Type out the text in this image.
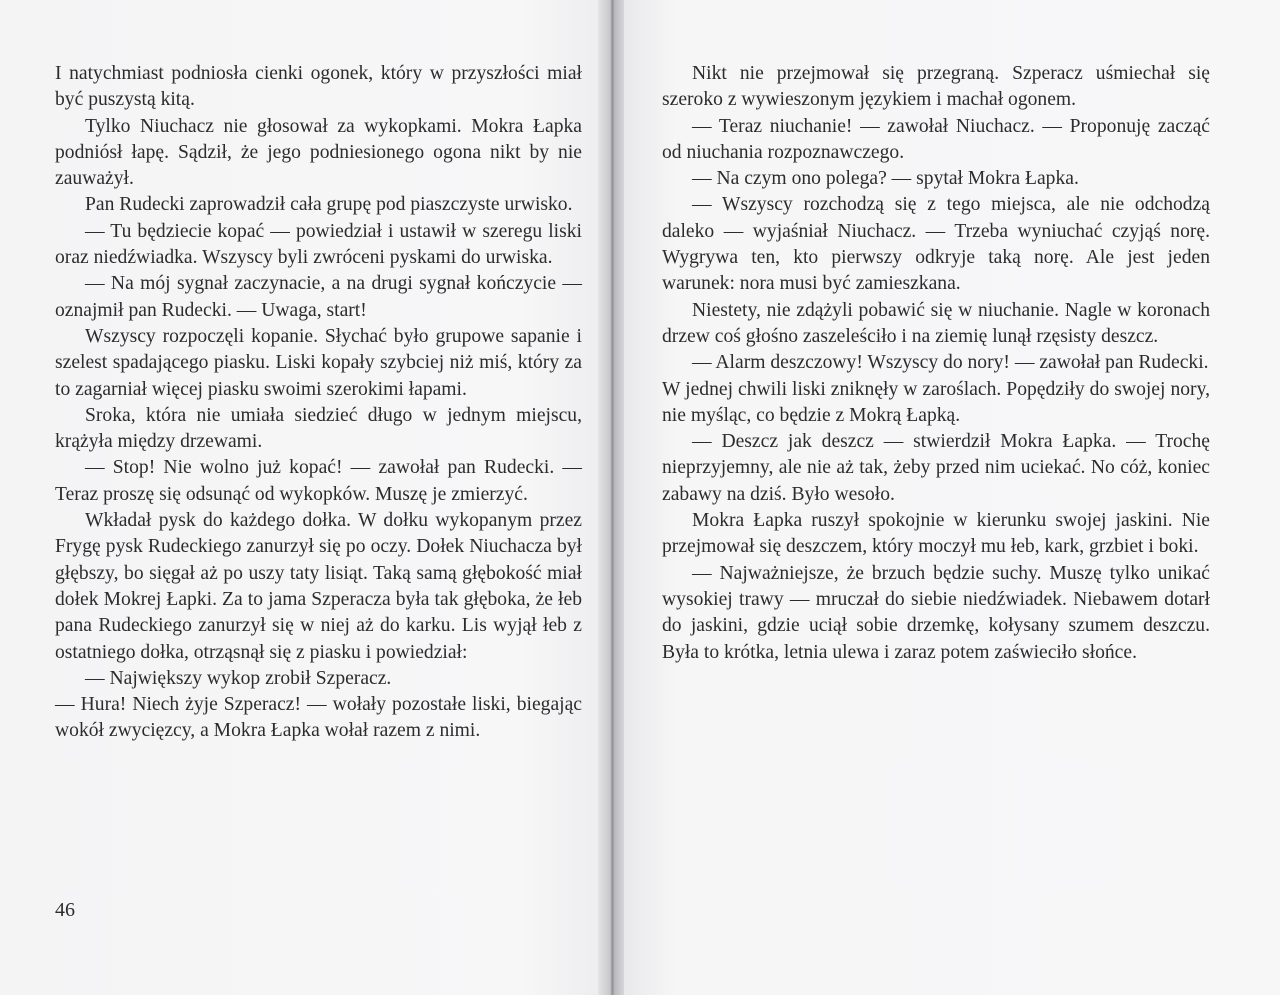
I natychmiast podniosła cienki ogonek, który w przyszłości miał być puszystą kitą.

Tylko Niuchacz nie głosował za wykopkami. Mokra Łapka podniósł łapę. Sądził, że jego podniesionego ogona nikt by nie zauważył.

Pan Rudecki zaprowadził cała grupę pod piaszczyste urwisko.

— Tu będziecie kopać — powiedział i ustawił w szeregu liski oraz niedźwiadka. Wszyscy byli zwróceni pyskami do urwiska.

— Na mój sygnał zaczynacie, a na drugi sygnał kończycie — oznajmił pan Rudecki. — Uwaga, start!

Wszyscy rozpoczęli kopanie. Słychać było grupowe sapanie i szelest spadającego piasku. Liski kopały szybciej niż miś, który za to zagarniał więcej piasku swoimi szerokimi łapami.

Sroka, która nie umiała siedzieć długo w jednym miejscu, krążyła między drzewami.

— Stop! Nie wolno już kopać! — zawołał pan Rudecki. — Teraz proszę się odsunąć od wykopków. Muszę je zmierzyć.

Wkładał pysk do każdego dołka. W dołku wykopanym przez Frygę pysk Rudeckiego zanurzył się po oczy. Dołek Niuchacza był głębszy, bo sięgał aż po uszy taty lisiąt. Taką samą głębokość miał dołek Mokrej Łapki. Za to jama Szperacza była tak głęboka, że łeb pana Rudeckiego zanurzył się w niej aż do karku. Lis wyjął łeb z ostatniego dołka, otrząsnął się z piasku i powiedział:

— Największy wykop zrobił Szperacz.

— Hura! Niech żyje Szperacz! — wołały pozostałe liski, biegając wokół zwycięzcy, a Mokra Łapka wołał razem z nimi.

46

Nikt nie przejmował się przegraną. Szperacz uśmiechał się szeroko z wywieszonym językiem i machał ogonem.

— Teraz niuchanie! — zawołał Niuchacz. — Proponuję zacząć od niuchania rozpoznawczego.

— Na czym ono polega? — spytał Mokra Łapka.

— Wszyscy rozchodzą się z tego miejsca, ale nie odchodzą daleko — wyjaśniał Niuchacz. — Trzeba wyniuchać czyjąś norę. Wygrywa ten, kto pierwszy odkryje taką norę. Ale jest jeden warunek: nora musi być zamieszkana.

Niestety, nie zdążyli pobawić się w niuchanie. Nagle w koronach drzew coś głośno zaszeleściło i na ziemię lunął rzęsisty deszcz.

— Alarm deszczowy! Wszyscy do nory! — zawołał pan Rudecki.

W jednej chwili liski zniknęły w zaroślach. Popędziły do swojej nory, nie myśląc, co będzie z Mokrą Łapką.

— Deszcz jak deszcz — stwierdził Mokra Łapka. — Trochę nieprzyjemny, ale nie aż tak, żeby przed nim uciekać. No cóż, koniec zabawy na dziś. Było wesoło.

Mokra Łapka ruszył spokojnie w kierunku swojej jaskini. Nie przejmował się deszczem, który moczył mu łeb, kark, grzbiet i boki.

— Najważniejsze, że brzuch będzie suchy. Muszę tylko unikać wysokiej trawy — mruczał do siebie niedźwiadek. Niebawem dotarł do jaskini, gdzie uciął sobie drzemkę, kołysany szumem deszczu. Była to krótka, letnia ulewa i zaraz potem zaświeciło słońce.
